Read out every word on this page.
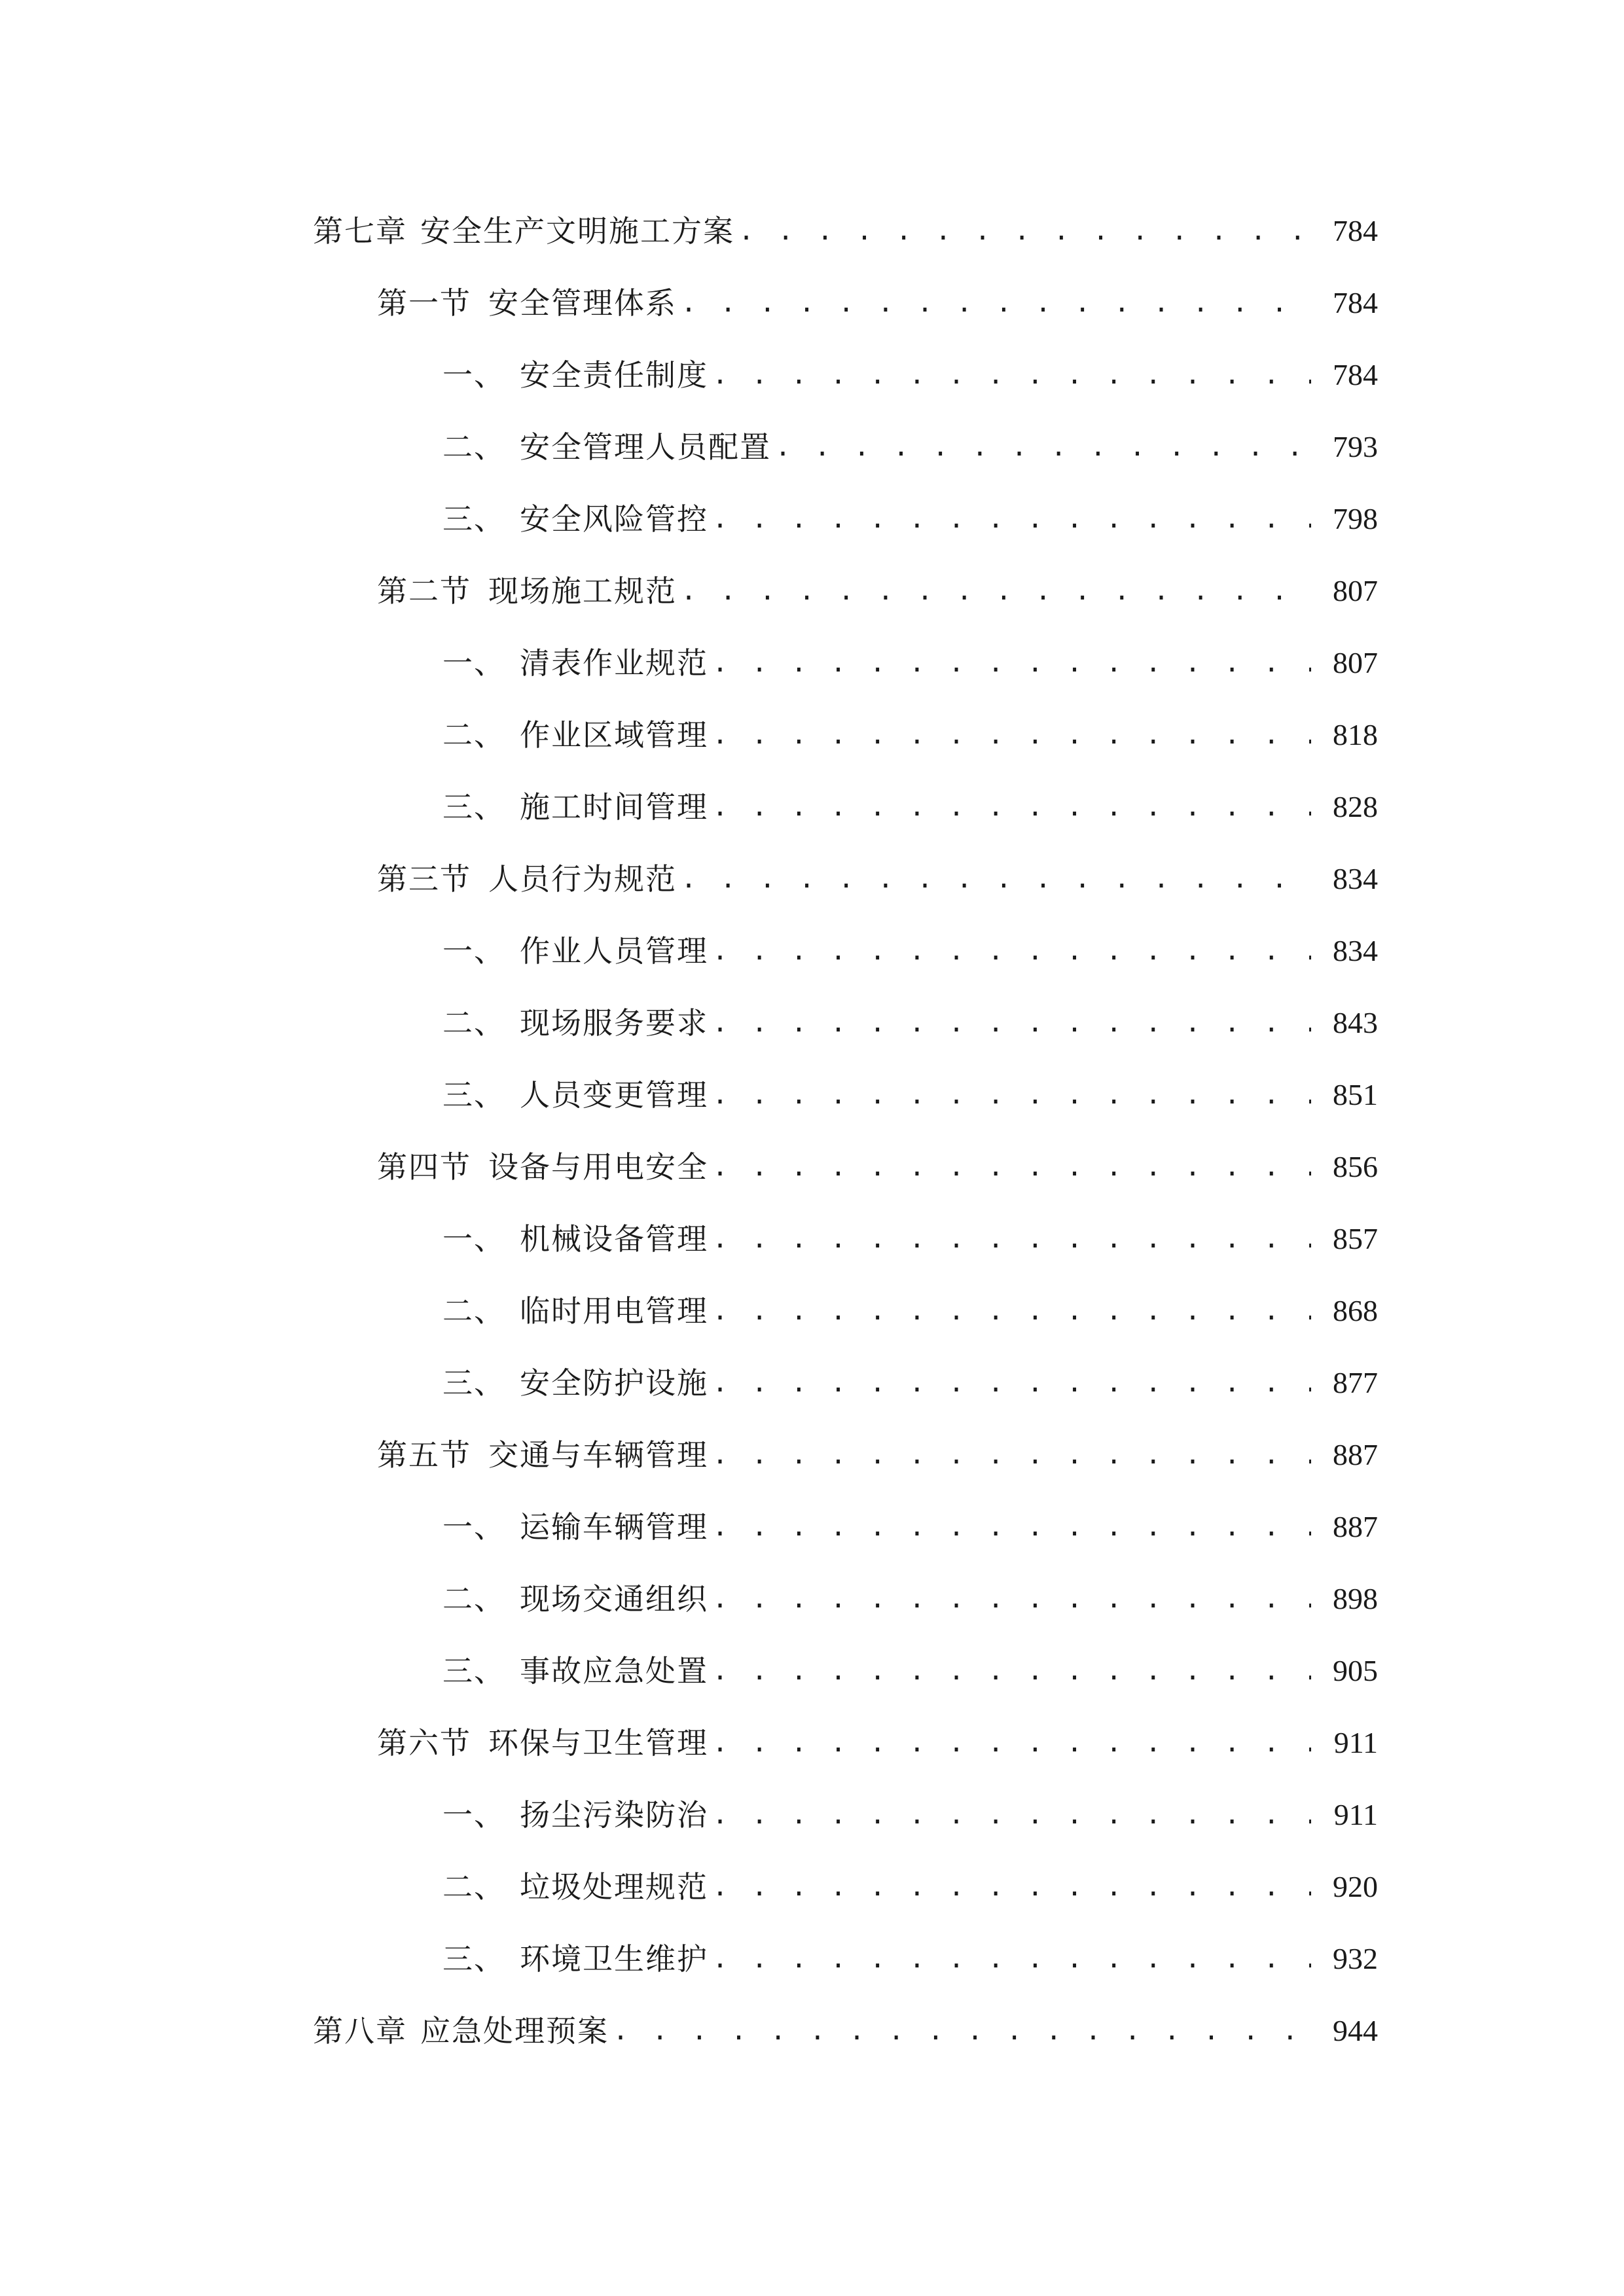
第七章 安全生产文明施工方案 . . .	784
第一节 安全管理体系 . . .	784
一、 安全责任制度 . . .	784
二、 安全管理人员配置 . . .	793
三、 安全风险管控 . . .	798
第二节 现场施工规范 . . .	807
一、 清表作业规范 . . .	807
二、 作业区域管理 . . .	818
三、 施工时间管理 . . .	828
第三节 人员行为规范 . . .	834
一、 作业人员管理 . . .	834
二、 现场服务要求 . . .	843
三、 人员变更管理 . . .	851
第四节 设备与用电安全 . . .	856
一、 机械设备管理 . . .	857
二、 临时用电管理 . . .	868
三、 安全防护设施 . . .	877
第五节 交通与车辆管理 . . .	887
一、 运输车辆管理 . . .	887
二、 现场交通组织 . . .	898
三、 事故应急处置 . . .	905
第六节 环保与卫生管理 . . .	911
一、 扬尘污染防治 . . .	911
二、 垃圾处理规范 . . .	920
三、 环境卫生维护 . . .	932
第八章 应急处理预案 . . .	944
